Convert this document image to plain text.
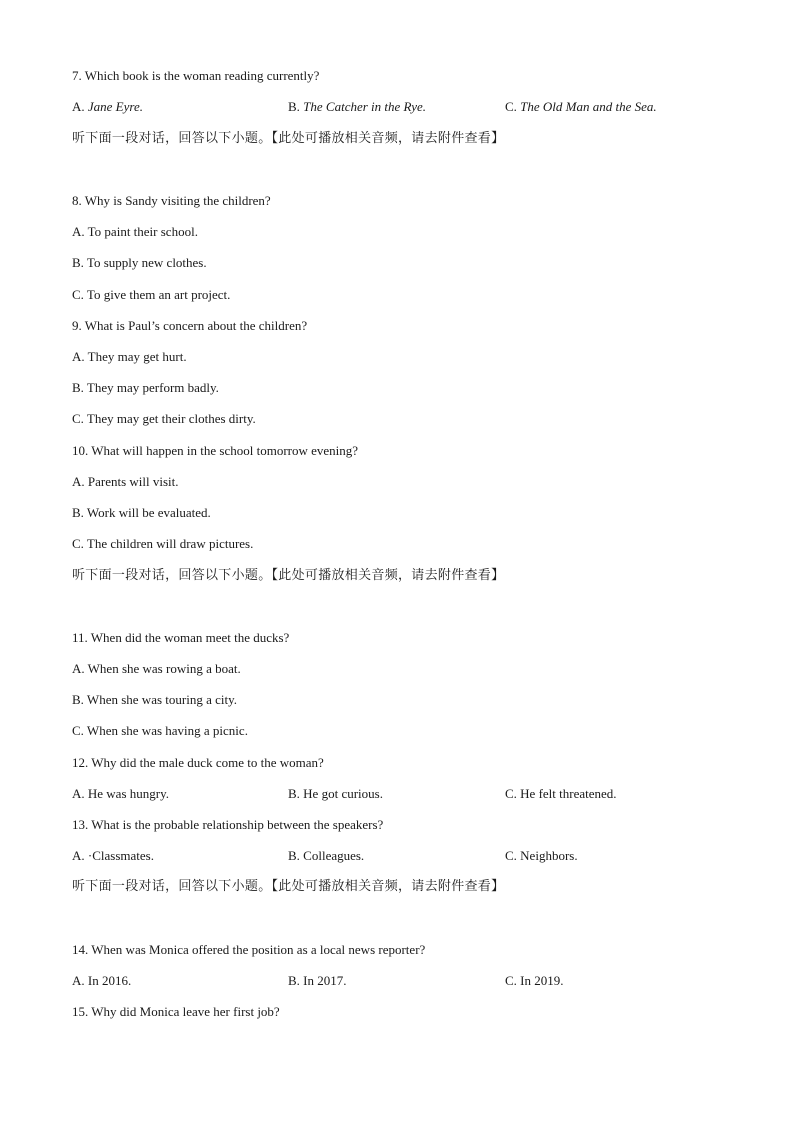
7. Which book is the woman reading currently?
A. Jane Eyre.	B. The Catcher in the Rye.	C. The Old Man and the Sea.
听下面一段对话，回答以下小题。【此处可播放相关音频，请去附件查看】
8. Why is Sandy visiting the children?
A. To paint their school.
B. To supply new clothes.
C. To give them an art project.
9. What is Paul’s concern about the children?
A. They may get hurt.
B. They may perform badly.
C. They may get their clothes dirty.
10. What will happen in the school tomorrow evening?
A. Parents will visit.
B. Work will be evaluated.
C. The children will draw pictures.
听下面一段对话，回答以下小题。【此处可播放相关音频，请去附件查看】
11. When did the woman meet the ducks?
A. When she was rowing a boat.
B. When she was touring a city.
C. When she was having a picnic.
12. Why did the male duck come to the woman?
A. He was hungry.	B. He got curious.	C. He felt threatened.
13. What is the probable relationship between the speakers?
A. ·Classmates.	B. Colleagues.	C. Neighbors.
听下面一段对话，回答以下小题。【此处可播放相关音频，请去附件查看】
14. When was Monica offered the position as a local news reporter?
A. In 2016.	B. In 2017.	C. In 2019.
15. Why did Monica leave her first job?
